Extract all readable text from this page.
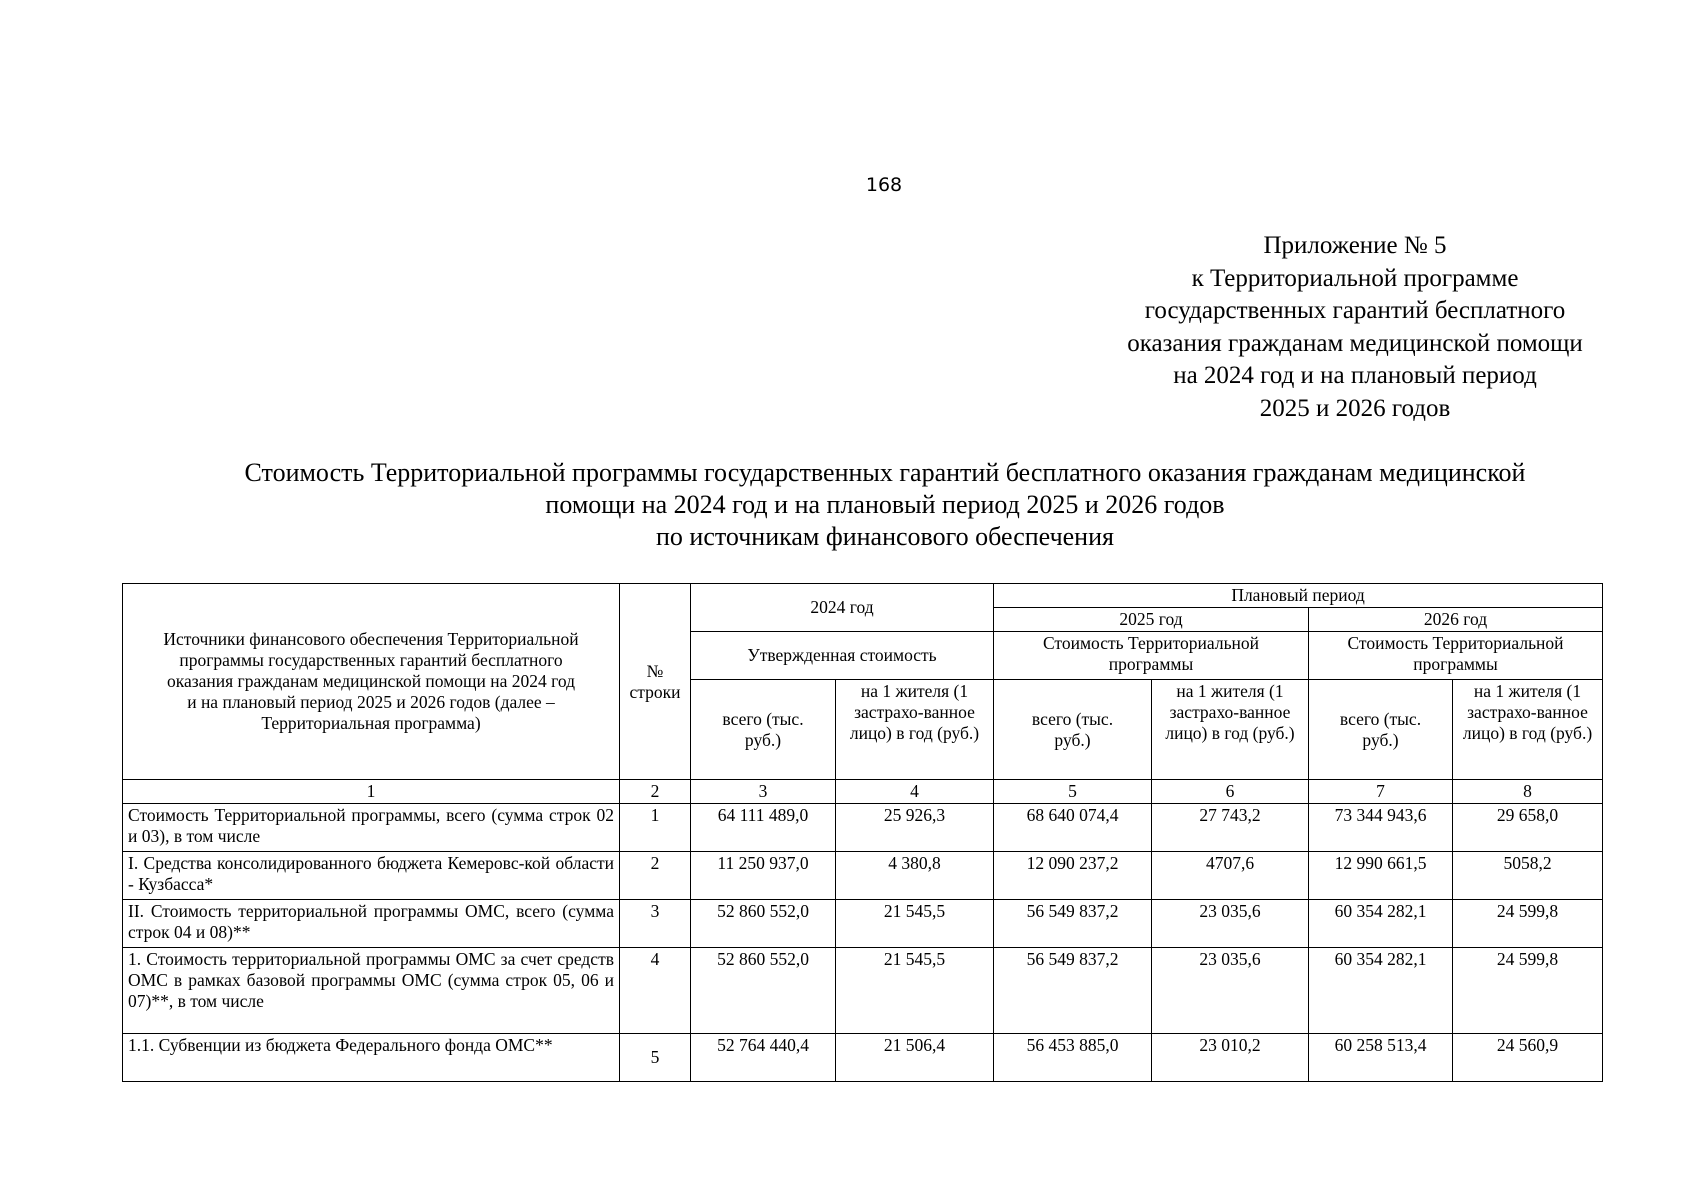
168
Приложение № 5
к Территориальной программе
государственных гарантий бесплатного
оказания гражданам медицинской помощи
на 2024 год и на плановый период
2025 и 2026 годов
Стоимость Территориальной программы государственных гарантий бесплатного оказания гражданам медицинской
помощи на 2024 год и на плановый период 2025 и 2026 годов
по источникам финансового обеспечения
Источники финансового обеспечения Территориальной программы государственных гарантий бесплатного оказания гражданам медицинской помощи на 2024 год и на плановый период 2025 и 2026 годов (далее – Территориальная программа)	№ строки	2024 год		Плановый период			
				2025 год		2026 год	
		Утвержденная стоимость		Стоимость Территориальной программы		Стоимость Территориальной программы	
		всего (тыс. руб.)	на 1 жителя (1 застрахо-ванное лицо) в год (руб.)	всего (тыс. руб.)	на 1 жителя (1 застрахо-ванное лицо) в год (руб.)	всего (тыс. руб.)	на 1 жителя (1 застрахо-ванное лицо) в год (руб.)
1	2	3	4	5	6	7	8
Стоимость Территориальной программы, всего (сумма строк 02 и 03), в том числе	1	64 111 489,0	25 926,3	68 640 074,4	27 743,2	73 344 943,6	29 658,0
I. Средства консолидированного бюджета Кемеровс-кой области - Кузбасса*	2	11 250 937,0	4 380,8	12 090 237,2	4707,6	12 990 661,5	5058,2
II. Стоимость территориальной программы ОМС, всего (сумма строк 04 и 08)**	3	52 860 552,0	21 545,5	56 549 837,2	23 035,6	60 354 282,1	24 599,8
1. Стоимость территориальной программы ОМС за счет средств ОМС в рамках базовой программы ОМС (сумма строк 05, 06 и 07)**, в том числе	4	52 860 552,0	21 545,5	56 549 837,2	23 035,6	60 354 282,1	24 599,8
1.1. Субвенции из бюджета Федерального фонда ОМС**	5	52 764 440,4	21 506,4	56 453 885,0	23 010,2	60 258 513,4	24 560,9
